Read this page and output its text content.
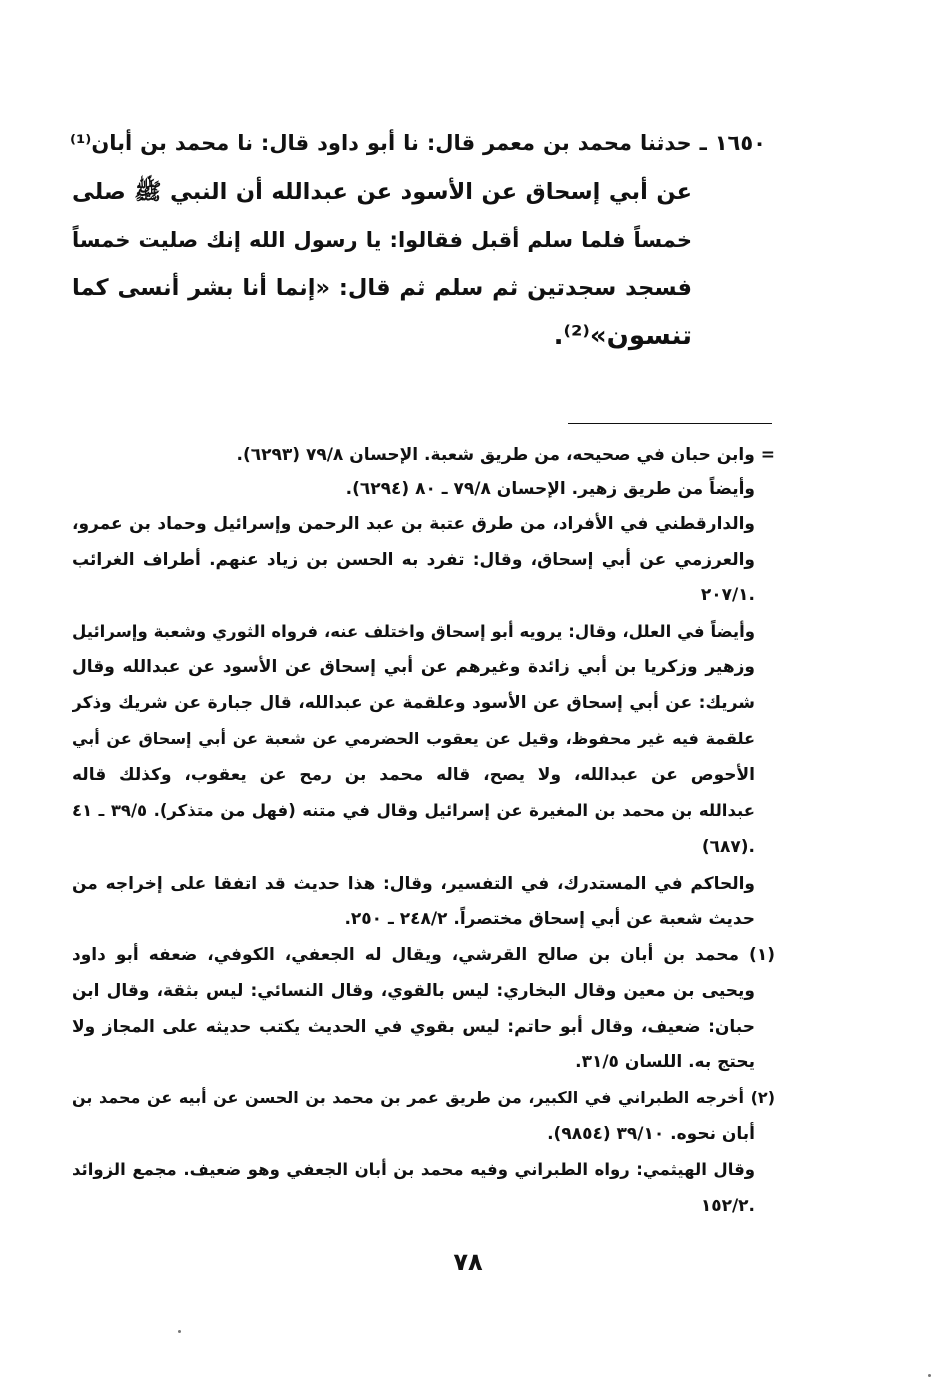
١٦٥٠ ـ حدثنا محمد بن معمر قال: نا أبو داود قال: نا محمد بن أبان⁽¹⁾
عن أبي إسحاق عن الأسود عن عبدالله أن النبي ﷺ صلى
خمساً فلما سلم أقبل فقالوا: يا رسول الله إنك صليت خمساً
فسجد سجدتين ثم سلم ثم قال: «إنما أنا بشر أنسى كما
تنسون»⁽²⁾.
= وابن حبان في صحيحه، من طريق شعبة. الإحسان ٧٩/٨ (٦٢٩٣).
وأيضاً من طريق زهير. الإحسان ٧٩/٨ ـ ٨٠ (٦٢٩٤).
والدارقطني في الأفراد، من طرق عتبة بن عبد الرحمن وإسرائيل وحماد بن عمرو،
والعرزمي عن أبي إسحاق، وقال: تفرد به الحسن بن زياد عنهم. أطراف الغرائب
٢٠٧/١.
وأيضاً في العلل، وقال: يرويه أبو إسحاق واختلف عنه، فرواه الثوري وشعبة وإسرائيل
وزهير وزكريا بن أبي زائدة وغيرهم عن أبي إسحاق عن الأسود عن عبدالله وقال
شريك: عن أبي إسحاق عن الأسود وعلقمة عن عبدالله، قال جبارة عن شريك وذكر
علقمة فيه غير محفوظ، وقيل عن يعقوب الحضرمي عن شعبة عن أبي إسحاق عن أبي
الأحوص عن عبدالله، ولا يصح، قاله محمد بن رمح عن يعقوب، وكذلك قاله
عبدالله بن محمد بن المغيرة عن إسرائيل وقال في متنه (فهل من متذكر). ٣٩/٥ ـ ٤١
(٦٨٧).
والحاكم في المستدرك، في التفسير، وقال: هذا حديث قد اتفقا على إخراجه من
حديث شعبة عن أبي إسحاق مختصراً. ٢٤٨/٢ ـ ٢٥٠.
(١) محمد بن أبان بن صالح القرشي، ويقال له الجعفي، الكوفي، ضعفه أبو داود
ويحيى بن معين وقال البخاري: ليس بالقوي، وقال النسائي: ليس بثقة، وقال ابن
حبان: ضعيف، وقال أبو حاتم: ليس بقوي في الحديث يكتب حديثه على المجاز ولا
يحتج به. اللسان ٣١/٥.
(٢) أخرجه الطبراني في الكبير، من طريق عمر بن محمد بن الحسن عن أبيه عن محمد بن
أبان نحوه. ٣٩/١٠ (٩٨٥٤).
وقال الهيثمي: رواه الطبراني وفيه محمد بن أبان الجعفي وهو ضعيف. مجمع الزوائد
١٥٢/٢.
٧٨
